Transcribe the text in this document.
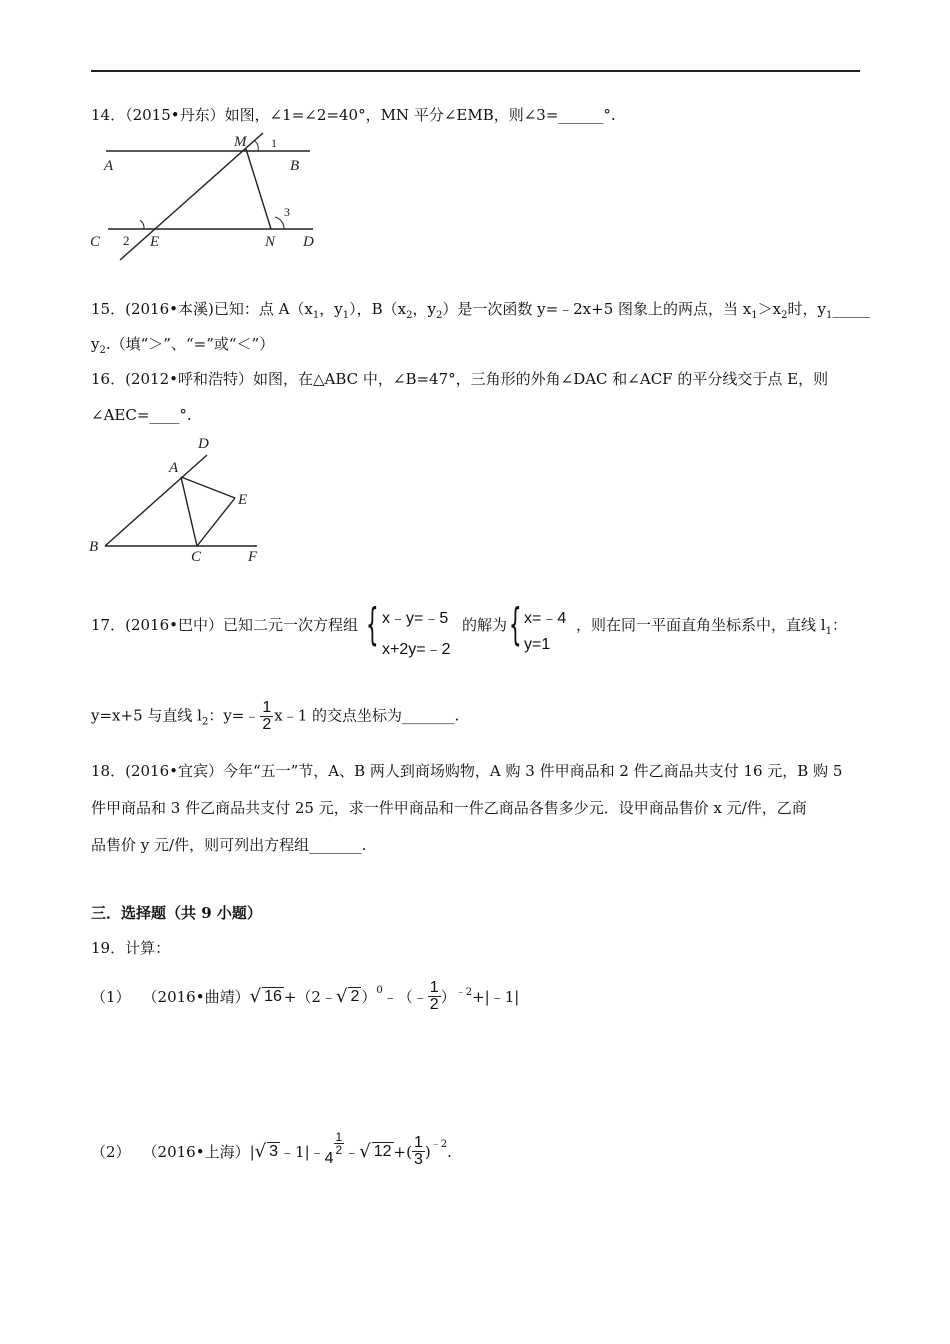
14．（2015•丹东）如图，∠1=∠2=40°，MN 平分∠EMB，则∠3=______°.
A	B
M 1
C 2 E
3
N D
15．(2016•本溪)已知：点 $A(x_1$，$y_1$），$B(x_2$，$y_2$）是一次函数 y=﹣2x+5 图象上的两点，当 $x_1>x_2$时，$y_1\_\_\_\_\_$
$y_2$.（填“＞”、“=”或“＜”）
16．(2012•呼和浩特）如图，在△ABC 中，∠B=47°，三角形的外角∠DAC 和∠ACF 的平分线交于点 E，则
∠AEC=____°.
D
A
E
B
C	F
17．(2016•巴中）已知二元一次方程组 { x﹣y=﹣5
x+2y=﹣2
的解为 { x=﹣4
y=1
，则在同一平面直角坐标系中，直线 $l_1$：
y=x+5 与直线 $l_2$：y=﹣ $\frac{1}{2}$ x﹣1 的交点坐标为_______.
18．(2016•宜宾）今年“五一”节，A、B 两人到商场购物，A 购 3 件甲商品和 2 件乙商品共支付 16 元，B 购 5
件甲商品和 3 件乙商品共支付 25 元，求一件甲商品和一件乙商品各售多少元．设甲商品售价 x 元/件，乙商
品售价 y 元/件，则可列出方程组_______.
三．选择题（共 9 小题）
19．计算：
（1） （2016•曲靖） √ 16 +（2﹣ √ 2 ）$^0$ ﹣（﹣ $\frac{1}{2} )^{﹣2}$ +|﹣1|
（2） （2016•上海） | √ 3 ﹣1|﹣ 4
$\frac{1}{2}$ ﹣ √ 12 +( $\frac{1}{3} )^{﹣2}$ .
